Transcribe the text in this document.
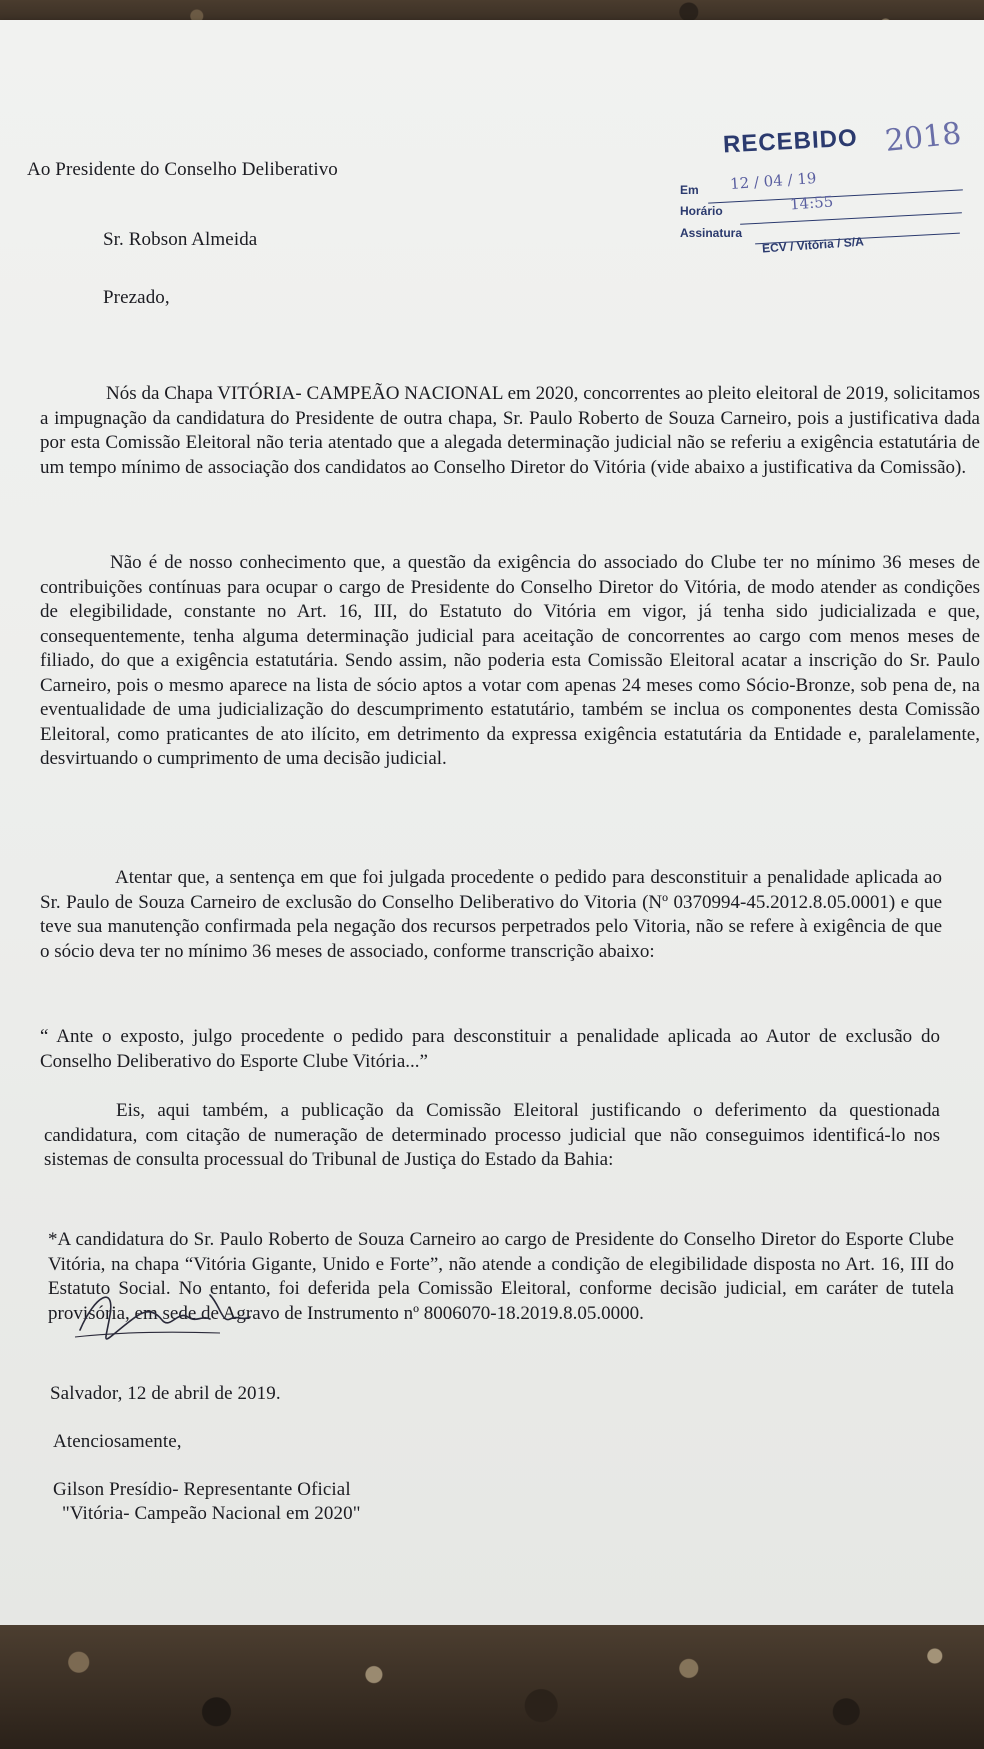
Ao Presidente do Conselho Deliberativo
Sr. Robson Almeida
Prezado,
RECEBIDO 2018
Em 12 / 04 / 19
Horário	14:55
Assinatura
ECV / Vitória / S/A

Nós da Chapa VITÓRIA- CAMPEÃO NACIONAL em 2020, concorrentes ao pleito eleitoral de 2019, solicitamos a impugnação da candidatura do Presidente de outra chapa, Sr. Paulo Roberto de Souza Carneiro, pois a justificativa dada por esta Comissão Eleitoral não teria atentado que a alegada determinação judicial não se referiu a exigência estatutária de um tempo mínimo de associação dos candidatos ao Conselho Diretor do Vitória (vide abaixo a justificativa da Comissão).

Não é de nosso conhecimento que, a questão da exigência do associado do Clube ter no mínimo 36 meses de contribuições contínuas para ocupar o cargo de Presidente do Conselho Diretor do Vitória, de modo atender as condições de elegibilidade, constante no Art. 16, III, do Estatuto do Vitória em vigor, já tenha sido judicializada e que, consequentemente, tenha alguma determinação judicial para aceitação de concorrentes ao cargo com menos meses de filiado, do que a exigência estatutária. Sendo assim, não poderia esta Comissão Eleitoral acatar a inscrição do Sr. Paulo Carneiro, pois o mesmo aparece na lista de sócio aptos a votar com apenas 24 meses como Sócio-Bronze, sob pena de, na eventualidade de uma judicialização do descumprimento estatutário, também se inclua os componentes desta Comissão Eleitoral, como praticantes de ato ilícito, em detrimento da expressa exigência estatutária da Entidade e, paralelamente, desvirtuando o cumprimento de uma decisão judicial.

Atentar que, a sentença em que foi julgada procedente o pedido para desconstituir a penalidade aplicada ao Sr. Paulo de Souza Carneiro de exclusão do Conselho Deliberativo do Vitoria (Nº 0370994-45.2012.8.05.0001) e que teve sua manutenção confirmada pela negação dos recursos perpetrados pelo Vitoria, não se refere à exigência de que o sócio deva ter no mínimo 36 meses de associado, conforme transcrição abaixo:

“ Ante o exposto, julgo procedente o pedido para desconstituir a penalidade aplicada ao Autor de exclusão do Conselho Deliberativo do Esporte Clube Vitória...”

Eis, aqui também, a publicação da Comissão Eleitoral justificando o deferimento da questionada candidatura, com citação de numeração de determinado processo judicial que não conseguimos identificá-lo nos sistemas de consulta processual do Tribunal de Justiça do Estado da Bahia:

*A candidatura do Sr. Paulo Roberto de Souza Carneiro ao cargo de Presidente do Conselho Diretor do Esporte Clube Vitória, na chapa “Vitória Gigante, Unido e Forte”, não atende a condição de elegibilidade disposta no Art. 16, III do Estatuto Social. No entanto, foi deferida pela Comissão Eleitoral, conforme decisão judicial, em caráter de tutela provisória, em sede de Agravo de Instrumento nº 8006070-18.2019.8.05.0000.

Salvador, 12 de abril de 2019.
Atenciosamente,
Gilson Presídio- Representante Oficial
"Vitória- Campeão Nacional em 2020"
